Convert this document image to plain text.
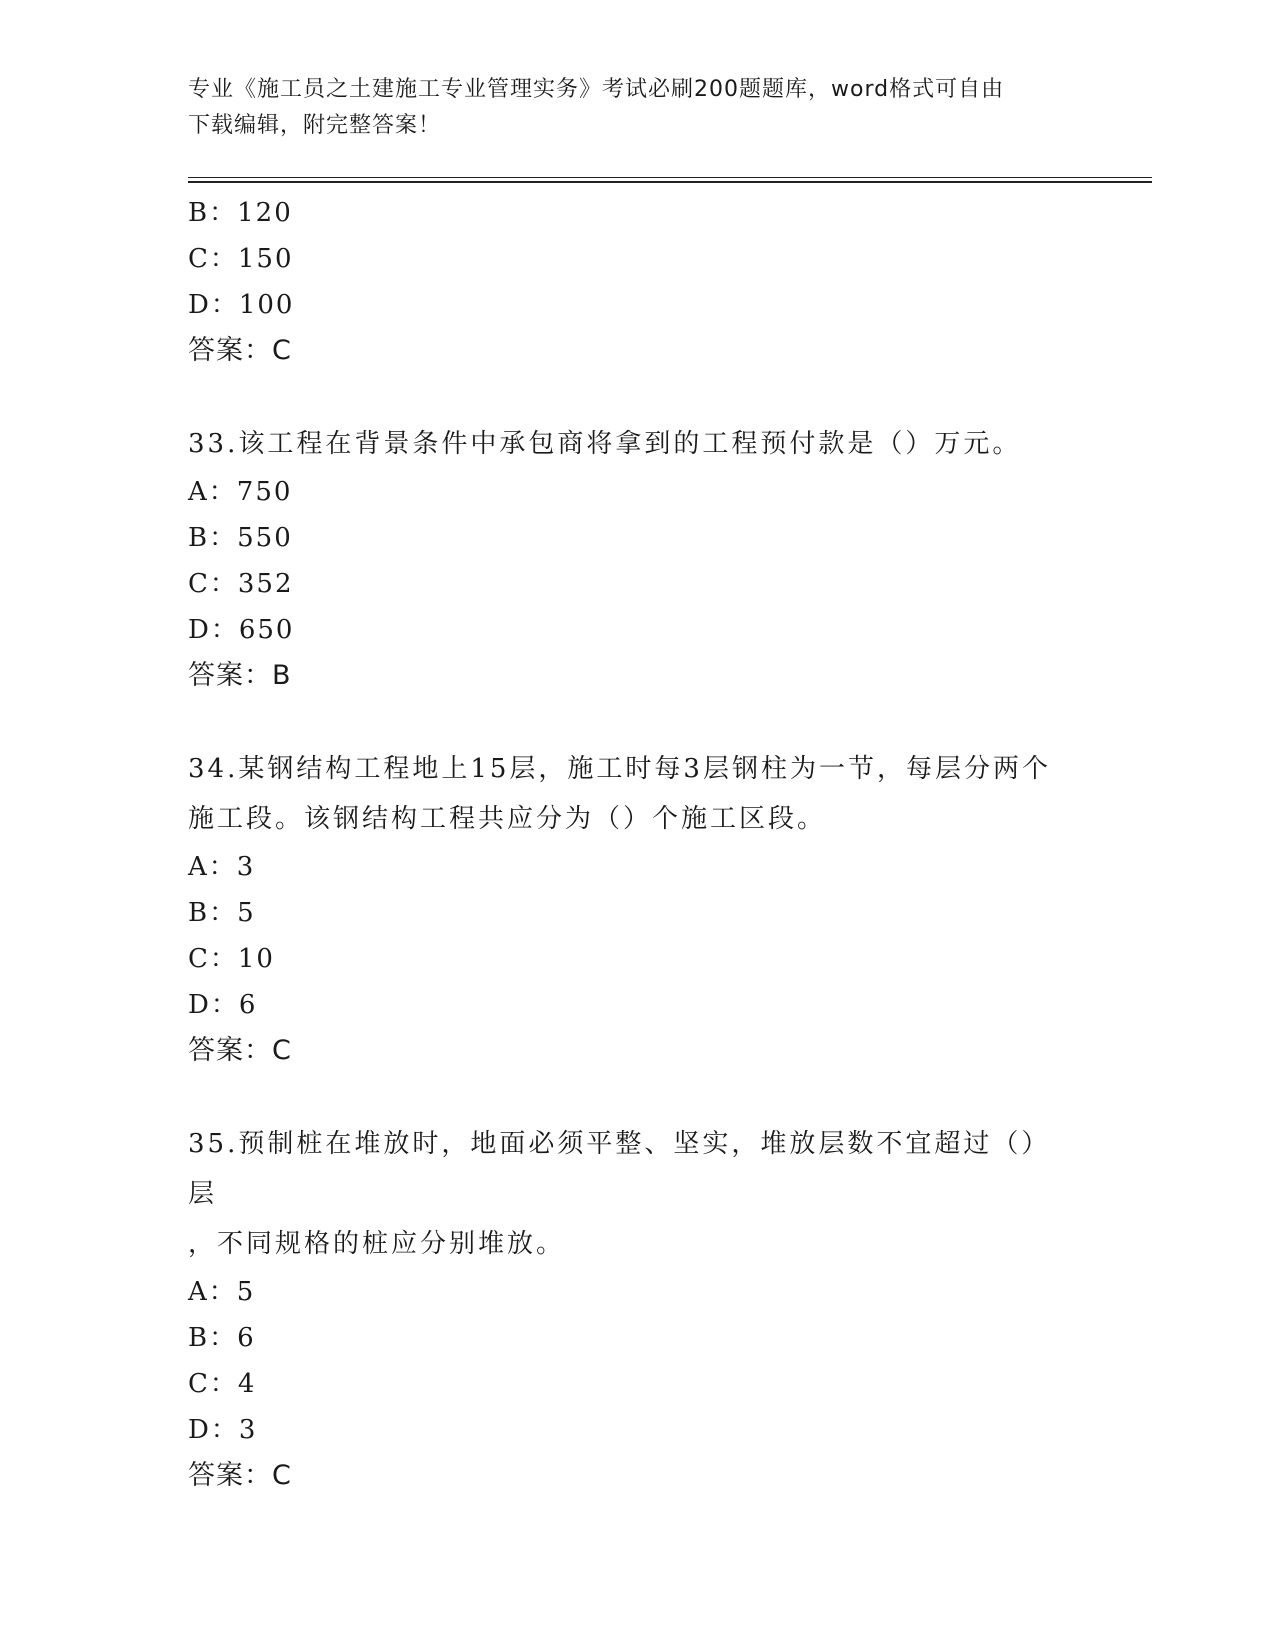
专业《施工员之土建施工专业管理实务》考试必刷200题题库，word格式可自由
下载编辑，附完整答案！
B：120
C：150
D：100
答案：C
33.该工程在背景条件中承包商将拿到的工程预付款是（）万元。
A：750
B：550
C：352
D：650
答案：B
34.某钢结构工程地上15层，施工时每3层钢柱为一节，每层分两个
施工段。该钢结构工程共应分为（）个施工区段。
A：3
B：5
C：10
D：6
答案：C
35.预制桩在堆放时，地面必须平整、坚实，堆放层数不宜超过（）层
，不同规格的桩应分别堆放。
A：5
B：6
C：4
D：3
答案：C
